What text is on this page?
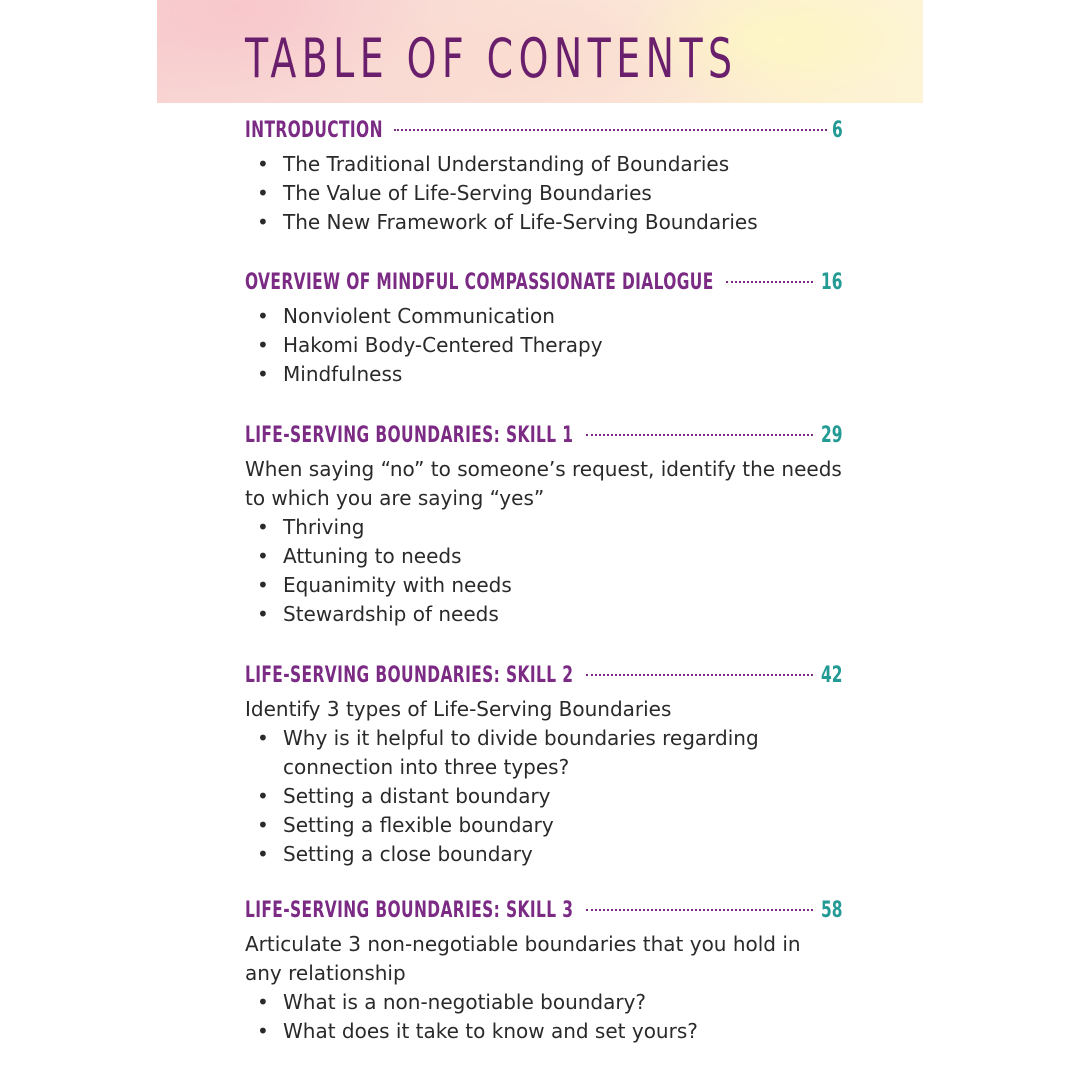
TABLE OF CONTENTS
INTRODUCTION	6
• The Traditional Understanding of Boundaries
• The Value of Life-Serving Boundaries
• The New Framework of Life-Serving Boundaries
OVERVIEW OF MINDFUL COMPASSIONATE DIALOGUE	16
• Nonviolent Communication
• Hakomi Body-Centered Therapy
• Mindfulness
LIFE-SERVING BOUNDARIES: SKILL 1	29

When saying “no” to someone’s request, identify the needs to which you are saying “yes”

• Thriving
• Attuning to needs
• Equanimity with needs
• Stewardship of needs
LIFE-SERVING BOUNDARIES: SKILL 2	42

Identify 3 types of Life-Serving Boundaries

• Why is it helpful to divide boundaries regarding connection into three types?
• Setting a distant boundary
• Setting a flexible boundary
• Setting a close boundary
LIFE-SERVING BOUNDARIES: SKILL 3	58

Articulate 3 non-negotiable boundaries that you hold in any relationship

• What is a non-negotiable boundary?
• What does it take to know and set yours?
